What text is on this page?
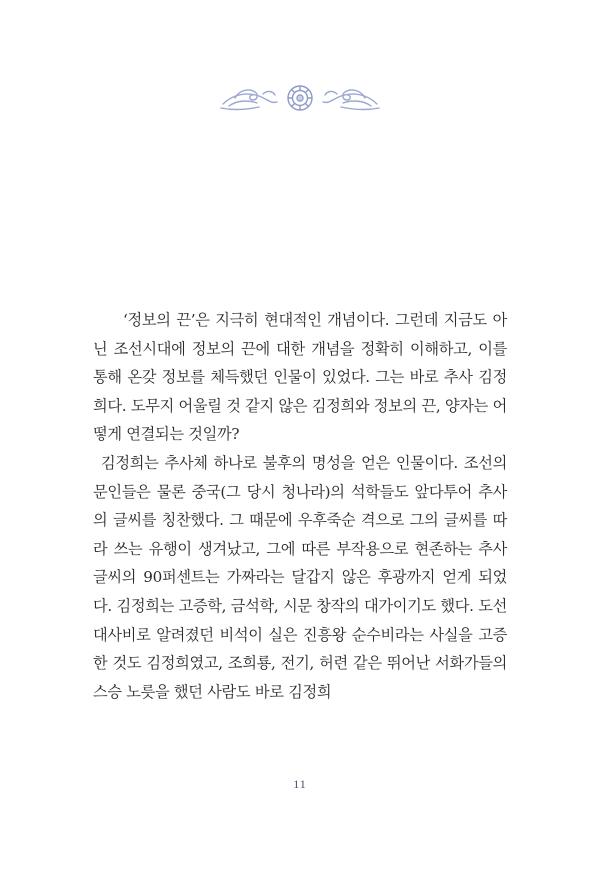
‘정보의 끈’은 지극히 현대적인 개념이다. 그런데 지금도 아닌 조선시대에 정보의 끈에 대한 개념을 정확히 이해하고, 이를 통해 온갖 정보를 체득했던 인물이 있었다. 그는 바로 추사 김정희다. 도무지 어울릴 것 같지 않은 김정희와 정보의 끈, 양자는 어떻게 연결되는 것일까?

김정희는 추사체 하나로 불후의 명성을 얻은 인물이다. 조선의 문인들은 물론 중국(그 당시 청나라)의 석학들도 앞다투어 추사의 글씨를 칭찬했다. 그 때문에 우후죽순 격으로 그의 글씨를 따라 쓰는 유행이 생겨났고, 그에 따른 부작용으로 현존하는 추사 글씨의 90퍼센트는 가짜라는 달갑지 않은 후광까지 얻게 되었다. 김정희는 고증학, 금석학, 시문 창작의 대가이기도 했다. 도선대사비로 알려졌던 비석이 실은 진흥왕 순수비라는 사실을 고증한 것도 김정희였고, 조희룡, 전기, 허련 같은 뛰어난 서화가들의 스승 노릇을 했던 사람도 바로 김정희

11
